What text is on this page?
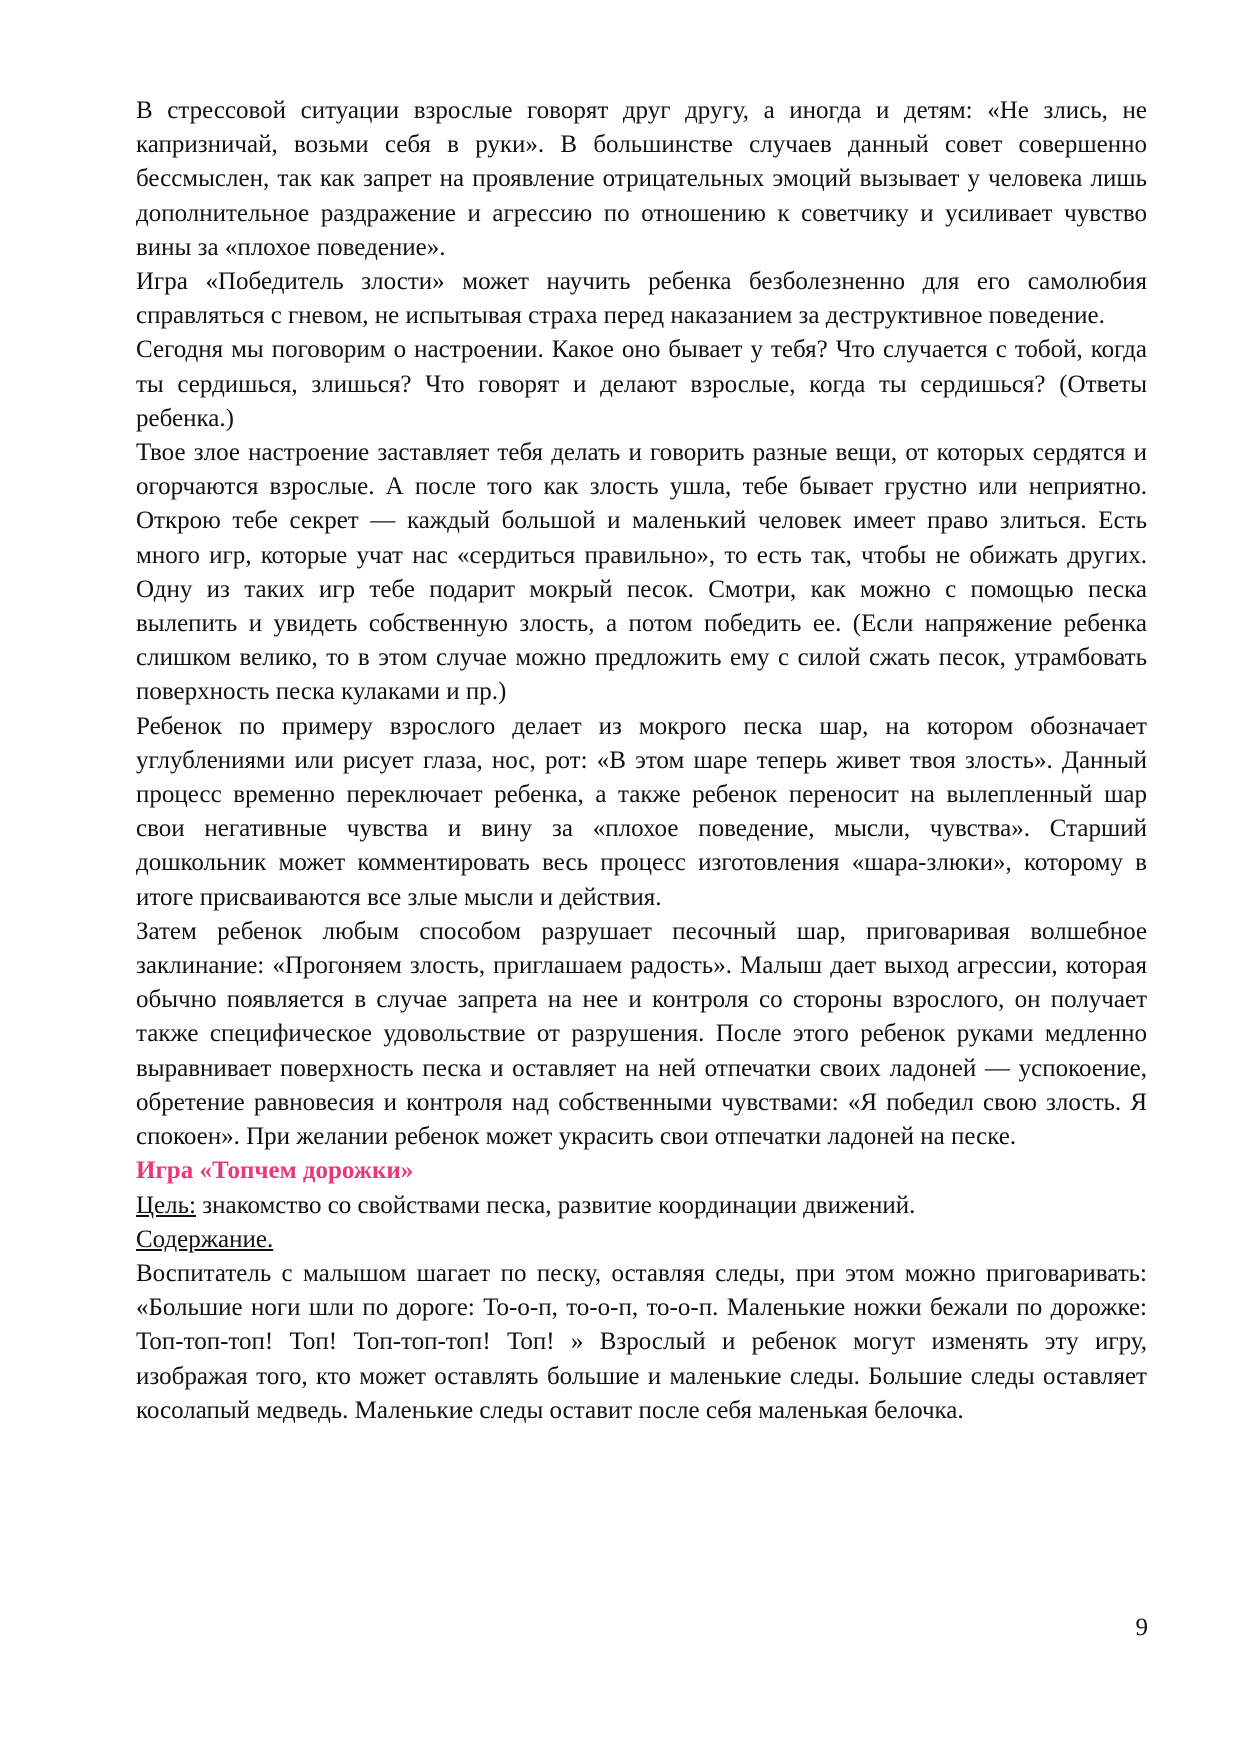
В стрессовой ситуации взрослые говорят друг другу, а иногда и детям: «Не злись, не капризничай, возьми себя в руки». В большинстве случаев данный совет совершенно бессмыслен, так как запрет на проявление отрицательных эмоций вызывает у человека лишь дополнительное раздражение и агрессию по отношению к советчику и усиливает чувство вины за «плохое поведение».

Игра «Победитель злости» может научить ребенка безболезненно для его самолюбия справляться с гневом, не испытывая страха перед наказанием за деструктивное поведение.

Сегодня мы поговорим о настроении. Какое оно бывает у тебя? Что случается с тобой, когда ты сердишься, злишься? Что говорят и делают взрослые, когда ты сердишься? (Ответы ребенка.)

Твое злое настроение заставляет тебя делать и говорить разные вещи, от которых сердятся и огорчаются взрослые. А после того как злость ушла, тебе бывает грустно или неприятно. Открою тебе секрет — каждый большой и маленький человек имеет право злиться. Есть много игр, которые учат нас «сердиться правильно», то есть так, чтобы не обижать других. Одну из таких игр тебе подарит мокрый песок. Смотри, как можно с помощью песка вылепить и увидеть собственную злость, а потом победить ее. (Если напряжение ребенка слишком велико, то в этом случае можно предложить ему с силой сжать песок, утрамбовать поверхность песка кулаками и пр.)

Ребенок по примеру взрослого делает из мокрого песка шар, на котором обозначает углублениями или рисует глаза, нос, рот: «В этом шаре теперь живет твоя злость». Данный процесс временно переключает ребенка, а также ребенок переносит на вылепленный шар свои негативные чувства и вину за «плохое поведение, мысли, чувства». Старший дошкольник может комментировать весь процесс изготовления «шара-злюки», которому в итоге присваиваются все злые мысли и действия.

Затем ребенок любым способом разрушает песочный шар, приговаривая волшебное заклинание: «Прогоняем злость, приглашаем радость». Малыш дает выход агрессии, которая обычно появляется в случае запрета на нее и контроля со стороны взрослого, он получает также специфическое удовольствие от разрушения. После этого ребенок руками медленно выравнивает поверхность песка и оставляет на ней отпечатки своих ладоней — успокоение, обретение равновесия и контроля над собственными чувствами: «Я победил свою злость. Я спокоен». При желании ребенок может украсить свои отпечатки ладоней на песке.

Игра «Топчем дорожки»

Цель: знакомство со свойствами песка, развитие координации движений.

Содержание.

Воспитатель с малышом шагает по песку, оставляя следы, при этом можно приговаривать: «Большие ноги шли по дороге: То-о-п, то-о-п, то-о-п. Маленькие ножки бежали по дорожке: Топ-топ-топ! Топ! Топ-топ-топ! Топ! » Взрослый и ребенок могут изменять эту игру, изображая того, кто может оставлять большие и маленькие следы. Большие следы оставляет косолапый медведь. Маленькие следы оставит после себя маленькая белочка.

9
